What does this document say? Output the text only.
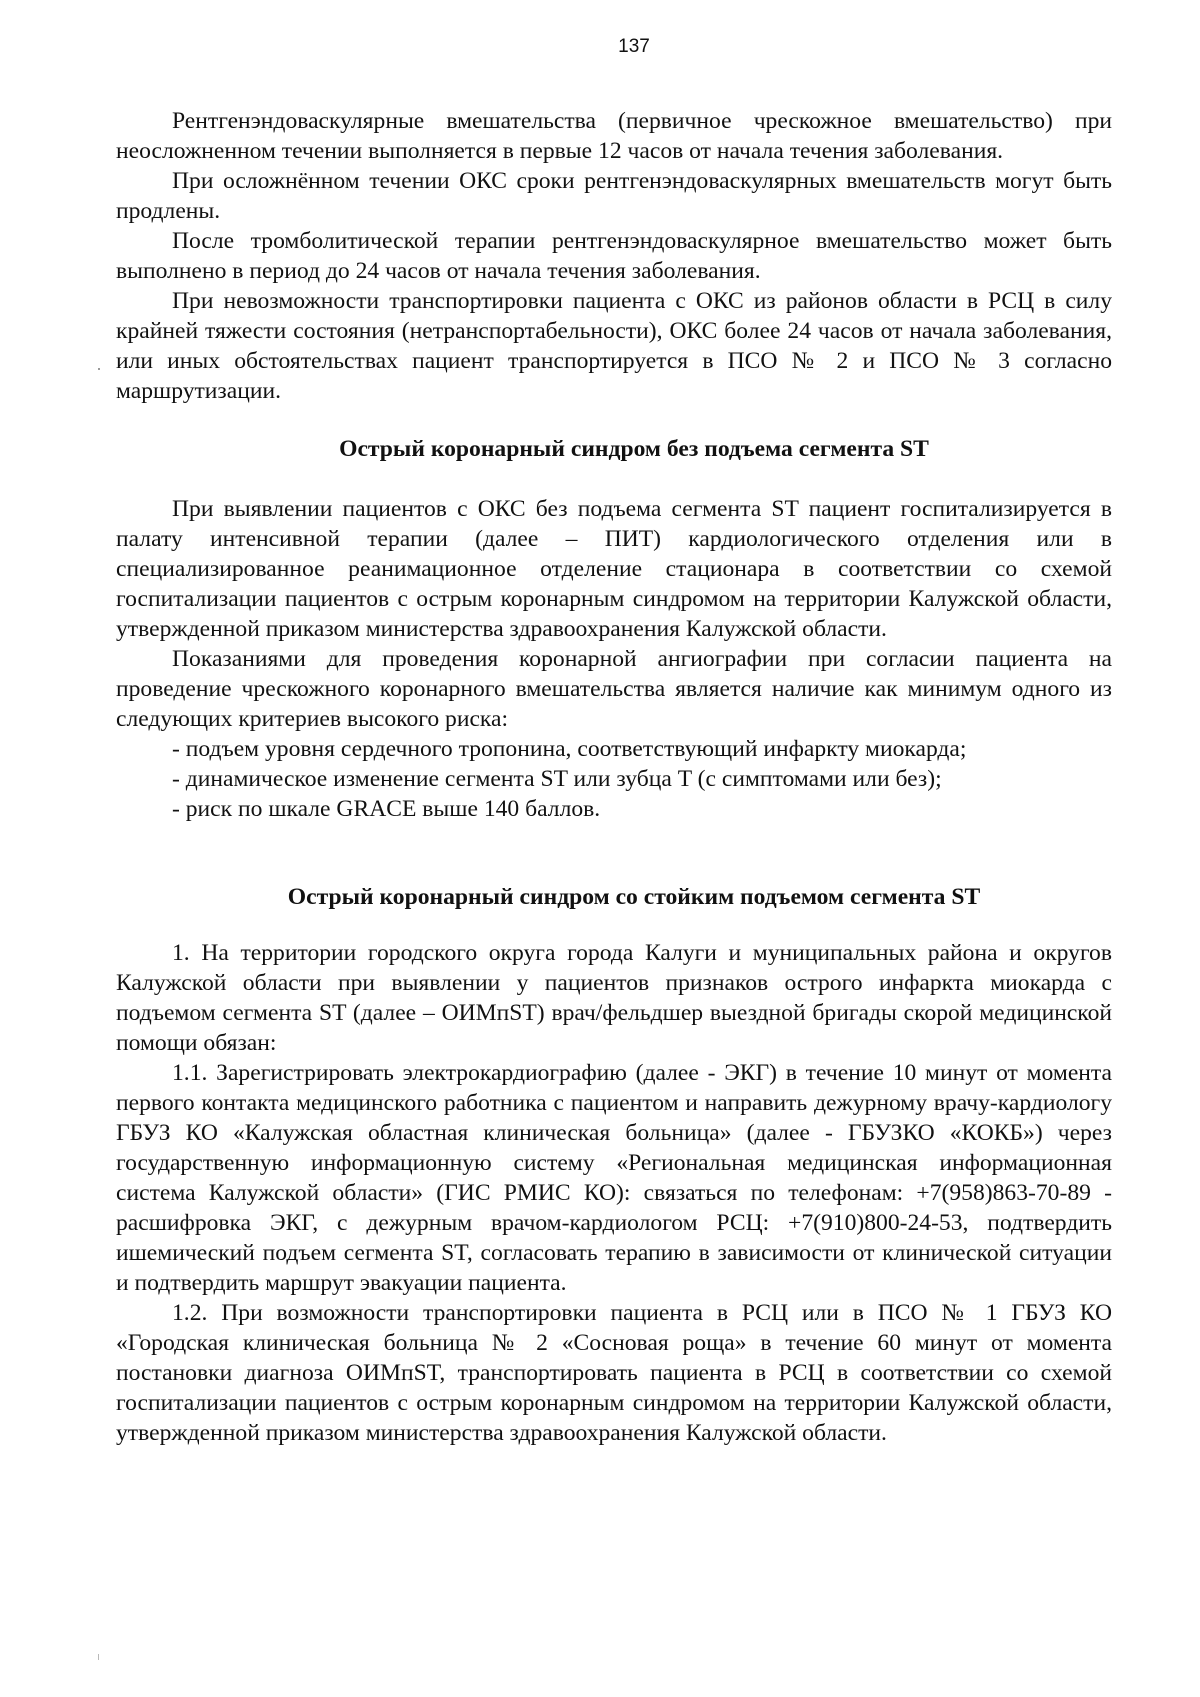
137

Рентгенэндоваскулярные вмешательства (первичное чрескожное вмешательство) при неосложненном течении выполняется в первые 12 часов от начала течения заболевания.

При осложнённом течении ОКС сроки рентгенэндоваскулярных вмешательств могут быть продлены.

После тромболитической терапии рентгенэндоваскулярное вмешательство может быть выполнено в период до 24 часов от начала течения заболевания.

При невозможности транспортировки пациента с ОКС из районов области в РСЦ в силу крайней тяжести состояния (нетранспортабельности), ОКС более 24 часов от начала заболевания, или иных обстоятельствах пациент транспортируется в ПСО № 2 и ПСО № 3 согласно маршрутизации.

Острый коронарный синдром без подъема сегмента ST

При выявлении пациентов с ОКС без подъема сегмента ST пациент госпитализируется в палату интенсивной терапии (далее – ПИТ) кардиологического отделения или в специализированное реанимационное отделение стационара в соответствии со схемой госпитализации пациентов с острым коронарным синдромом на территории Калужской области, утвержденной приказом министерства здравоохранения Калужской области.

Показаниями для проведения коронарной ангиографии при согласии пациента на проведение чрескожного коронарного вмешательства является наличие как минимум одного из следующих критериев высокого риска:

- подъем уровня сердечного тропонина, соответствующий инфаркту миокарда;

- динамическое изменение сегмента ST или зубца T (с симптомами или без);

- риск по шкале GRACE выше 140 баллов.

Острый коронарный синдром со стойким подъемом сегмента ST

1. На территории городского округа города Калуги и муниципальных района и округов Калужской области при выявлении у пациентов признаков острого инфаркта миокарда с подъемом сегмента ST (далее – ОИМпST) врач/фельдшер выездной бригады скорой медицинской помощи обязан:

1.1. Зарегистрировать электрокардиографию (далее - ЭКГ) в течение 10 минут от момента первого контакта медицинского работника с пациентом и направить дежурному врачу-кардиологу ГБУЗ КО «Калужская областная клиническая больница» (далее - ГБУЗКО «КОКБ») через государственную информационную систему «Региональная медицинская информационная система Калужской области» (ГИС РМИС КО): связаться по телефонам: +7(958)863-70-89 - расшифровка ЭКГ, с дежурным врачом-кардиологом РСЦ: +7(910)800-24-53, подтвердить ишемический подъем сегмента ST, согласовать терапию в зависимости от клинической ситуации и подтвердить маршрут эвакуации пациента.

1.2. При возможности транспортировки пациента в РСЦ или в ПСО № 1 ГБУЗ КО «Городская клиническая больница № 2 «Сосновая роща» в течение 60 минут от момента постановки диагноза ОИМпST, транспортировать пациента в РСЦ в соответствии со схемой госпитализации пациентов с острым коронарным синдромом на территории Калужской области, утвержденной приказом министерства здравоохранения Калужской области.
